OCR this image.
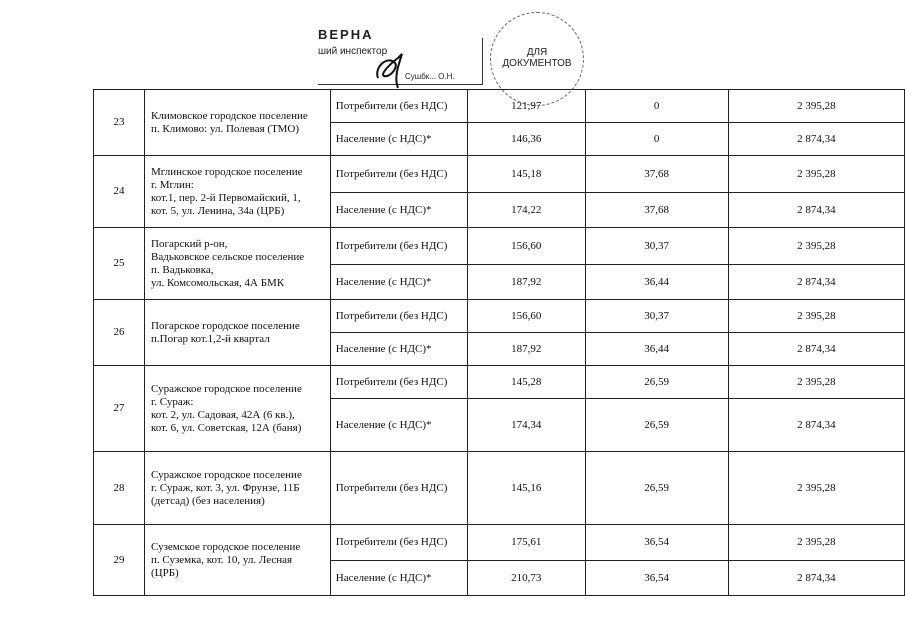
ВЕРНА
ший инспектор
Сушбк... О.Н.
ДЛЯ
ДОКУМЕНТОВ
23	Климовское городское поселение
п. Климово: ул. Полевая (ТМО)	Потребители (без НДС)	121,97	0	2 395,28
		Население (с НДС)*	146,36	0	2 874,34
24	Мглинское городское поселение
г. Мглин:
кот.1, пер. 2-й Первомайский, 1,
кот. 5, ул. Ленина, 34а (ЦРБ)	Потребители (без НДС)	145,18	37,68	2 395,28
		Население (с НДС)*	174,22	37,68	2 874,34
25	Погарский р-он,
Вадьковское сельское поселение
п. Вадьковка,
ул. Комсомольская, 4А БМК	Потребители (без НДС)	156,60	30,37	2 395,28
		Население (с НДС)*	187,92	36,44	2 874,34
26	Погарское городское поселение
п.Погар кот.1,2-й квартал	Потребители (без НДС)	156,60	30,37	2 395,28
		Население (с НДС)*	187,92	36,44	2 874,34
27	Суражское городское поселение
г. Сураж:
кот. 2, ул. Садовая, 42А (6 кв.),
кот. 6, ул. Советская, 12А (баня)	Потребители (без НДС)	145,28	26,59	2 395,28
		Население (с НДС)*	174,34	26,59	2 874,34
28	Суражское городское поселение
г. Сураж, кот. 3, ул. Фрунзе, 11Б
(детсад) (без населения)	Потребители (без НДС)	145,16	26,59	2 395,28
29	Суземское городское поселение
п. Суземка, кот. 10, ул. Лесная
(ЦРБ)	Потребители (без НДС)	175,61	36,54	2 395,28
		Население (с НДС)*	210,73	36,54	2 874,34
